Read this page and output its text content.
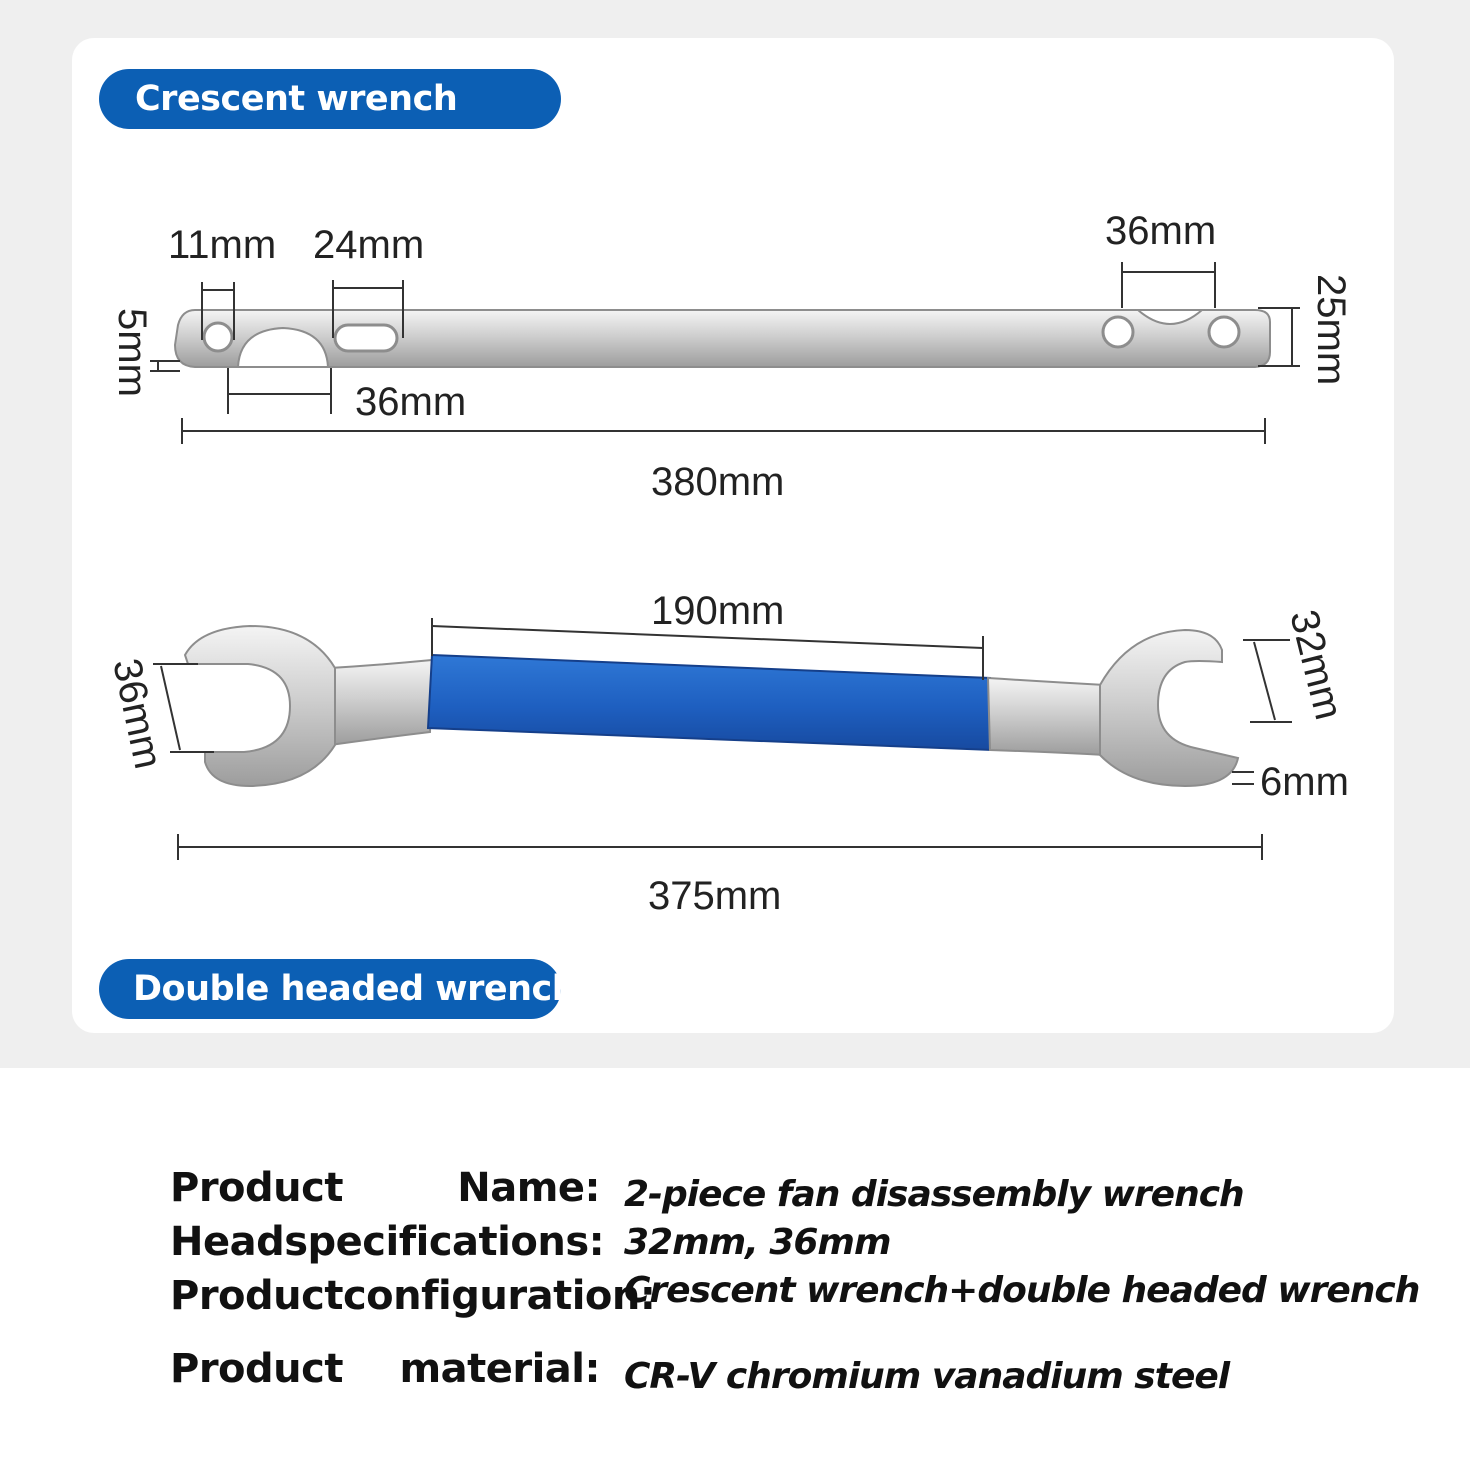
11mm 24mm	36mm
36mm
380mm
5mm	25mm
190mm
375mm
6mm
36mm	32mm
Crescent wrench
Double headed wrench
Product	Name: 2-piece fan disassembly wrench
Head specifications: 32mm, 36mm
Productconfiguration:
Crescent wrench+double headed wrench
Product material: CR-V chromium vanadium steel
